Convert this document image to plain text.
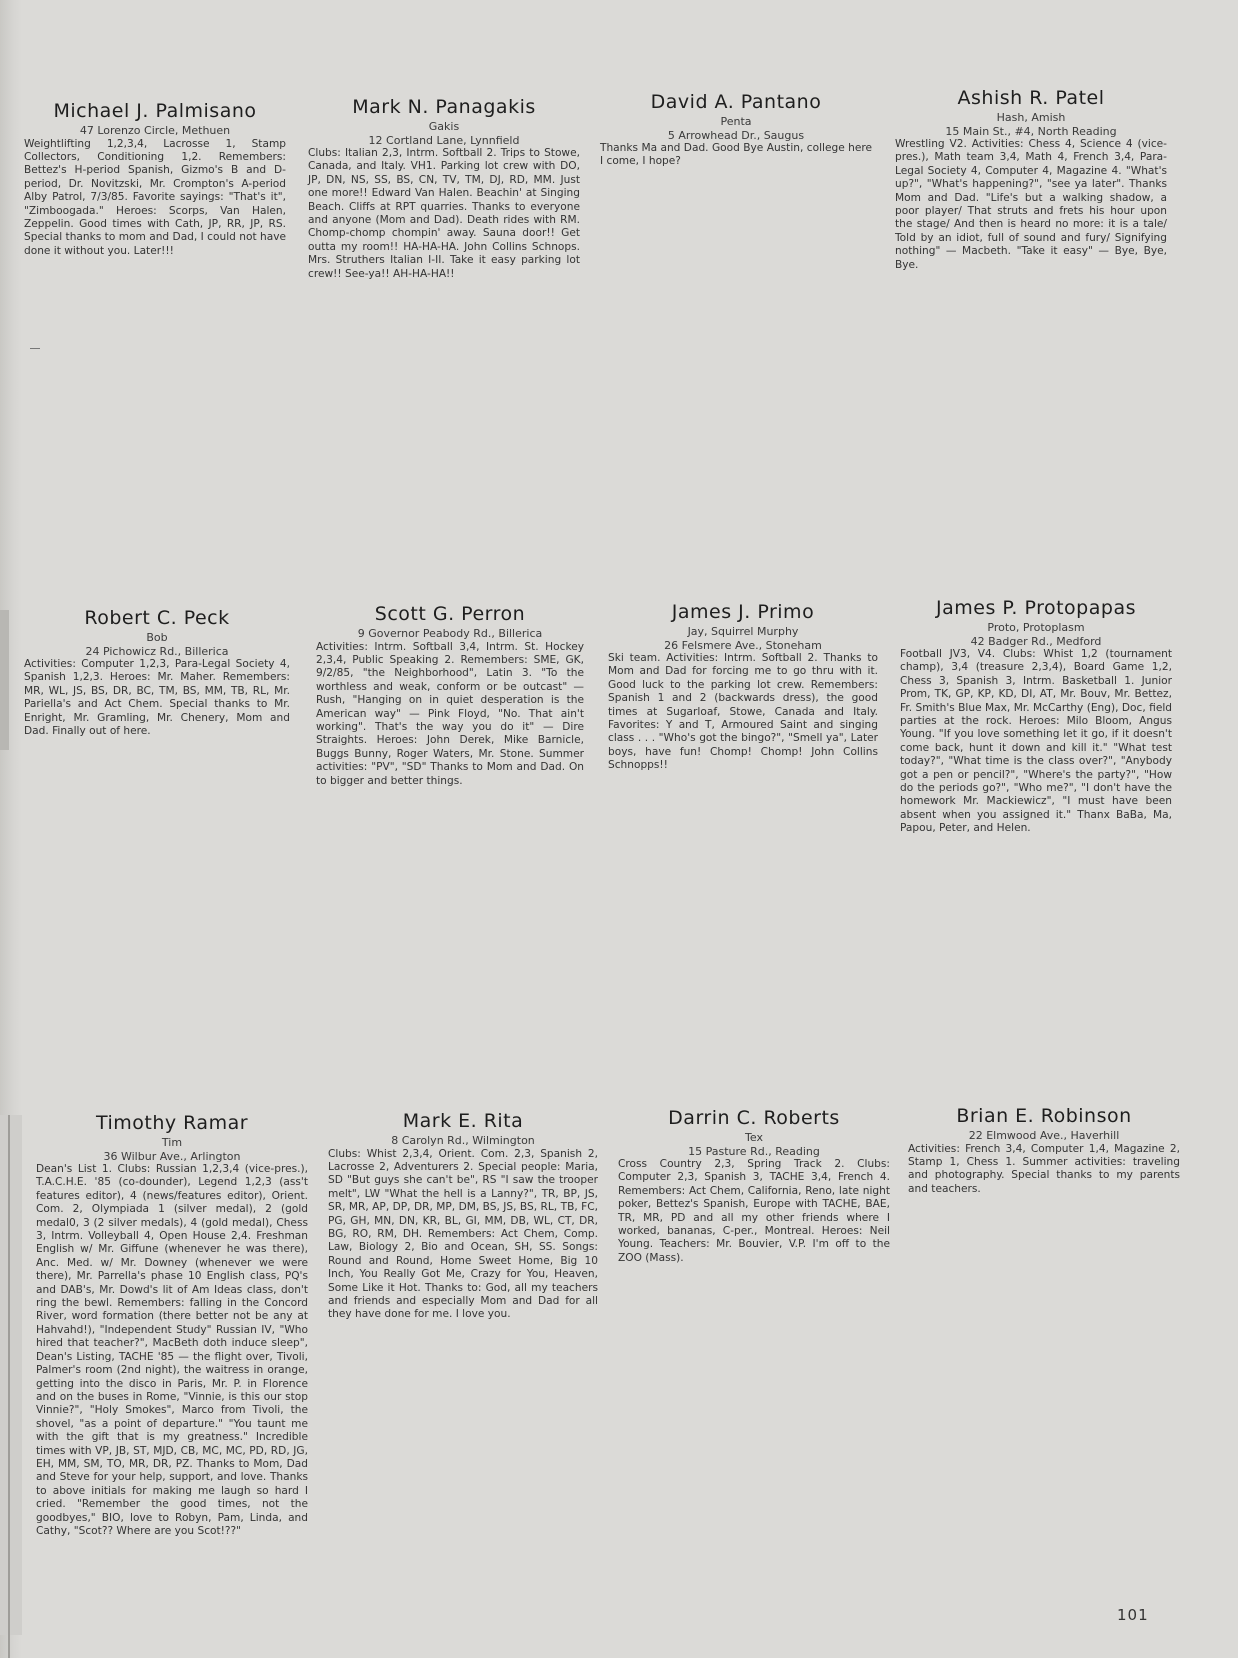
Michael J. Palmisano
47 Lorenzo Circle, Methuen
Weightlifting 1,2,3,4, Lacrosse 1, Stamp Collectors, Conditioning 1,2. Remembers: Bettez's H-period Spanish, Gizmo's B and D-period, Dr. Novitzski, Mr. Crompton's A-period Alby Patrol, 7/3/85. Favorite sayings: "That's it", "Zimboogada." Heroes: Scorps, Van Halen, Zeppelin. Good times with Cath, JP, RR, JP, RS. Special thanks to mom and Dad, I could not have done it without you. Later!!!
Mark N. Panagakis
Gakis
12 Cortland Lane, Lynnfield
Clubs: Italian 2,3, Intrm. Softball 2. Trips to Stowe, Canada, and Italy. VH1. Parking lot crew with DO, JP, DN, NS, SS, BS, CN, TV, TM, DJ, RD, MM. Just one more!! Edward Van Halen. Beachin' at Singing Beach. Cliffs at RPT quarries. Thanks to everyone and anyone (Mom and Dad). Death rides with RM. Chomp-chomp chompin' away. Sauna door!! Get outta my room!! HA-HA-HA. John Collins Schnops. Mrs. Struthers Italian I-II. Take it easy parking lot crew!! See-ya!! AH-HA-HA!!
David A. Pantano
Penta
5 Arrowhead Dr., Saugus
Thanks Ma and Dad. Good Bye Austin, college here I come, I hope?
Ashish R. Patel
Hash, Amish
15 Main St., #4, North Reading
Wrestling V2. Activities: Chess 4, Science 4 (vice-pres.), Math team 3,4, Math 4, French 3,4, Para-Legal Society 4, Computer 4, Magazine 4. "What's up?", "What's happening?", "see ya later". Thanks Mom and Dad. "Life's but a walking shadow, a poor player/ That struts and frets his hour upon the stage/ And then is heard no more: it is a tale/ Told by an idiot, full of sound and fury/ Signifying nothing" — Macbeth. "Take it easy" — Bye, Bye, Bye.
Robert C. Peck
Bob
24 Pichowicz Rd., Billerica
Activities: Computer 1,2,3, Para-Legal Society 4, Spanish 1,2,3. Heroes: Mr. Maher. Remembers: MR, WL, JS, BS, DR, BC, TM, BS, MM, TB, RL, Mr. Pariella's and Act Chem. Special thanks to Mr. Enright, Mr. Gramling, Mr. Chenery, Mom and Dad. Finally out of here.
Scott G. Perron
9 Governor Peabody Rd., Billerica
Activities: Intrm. Softball 3,4, Intrm. St. Hockey 2,3,4, Public Speaking 2. Remembers: SME, GK, 9/2/85, "the Neighborhood", Latin 3. "To the worthless and weak, conform or be outcast" — Rush, "Hanging on in quiet desperation is the American way" — Pink Floyd, "No. That ain't working". That's the way you do it" — Dire Straights. Heroes: John Derek, Mike Barnicle, Buggs Bunny, Roger Waters, Mr. Stone. Summer activities: "PV", "SD" Thanks to Mom and Dad. On to bigger and better things.
James J. Primo
Jay, Squirrel Murphy
26 Felsmere Ave., Stoneham
Ski team. Activities: Intrm. Softball 2. Thanks to Mom and Dad for forcing me to go thru with it. Good luck to the parking lot crew. Remembers: Spanish 1 and 2 (backwards dress), the good times at Sugarloaf, Stowe, Canada and Italy. Favorites: Y and T, Armoured Saint and singing class . . . "Who's got the bingo?", "Smell ya", Later boys, have fun! Chomp! Chomp! John Collins Schnopps!!
James P. Protopapas
Proto, Protoplasm
42 Badger Rd., Medford
Football JV3, V4. Clubs: Whist 1,2 (tournament champ), 3,4 (treasure 2,3,4), Board Game 1,2, Chess 3, Spanish 3, Intrm. Basketball 1. Junior Prom, TK, GP, KP, KD, DI, AT, Mr. Bouv, Mr. Bettez, Fr. Smith's Blue Max, Mr. McCarthy (Eng), Doc, field parties at the rock. Heroes: Milo Bloom, Angus Young. "If you love something let it go, if it doesn't come back, hunt it down and kill it." "What test today?", "What time is the class over?", "Anybody got a pen or pencil?", "Where's the party?", "How do the periods go?", "Who me?", "I don't have the homework Mr. Mackiewicz", "I must have been absent when you assigned it." Thanx BaBa, Ma, Papou, Peter, and Helen.
Timothy Ramar
Tim
36 Wilbur Ave., Arlington
Dean's List 1. Clubs: Russian 1,2,3,4 (vice-pres.), T.A.C.H.E. '85 (co-dounder), Legend 1,2,3 (ass't features editor), 4 (news/features editor), Orient. Com. 2, Olympiada 1 (silver medal), 2 (gold medal0, 3 (2 silver medals), 4 (gold medal), Chess 3, Intrm. Volleyball 4, Open House 2,4. Freshman English w/ Mr. Giffune (whenever he was there), Anc. Med. w/ Mr. Downey (whenever we were there), Mr. Parrella's phase 10 English class, PQ's and DAB's, Mr. Dowd's lit of Am Ideas class, don't ring the bewl. Remembers: falling in the Concord River, word formation (there better not be any at Hahvahd!), "Independent Study" Russian IV, "Who hired that teacher?", MacBeth doth induce sleep", Dean's Listing, TACHE '85 — the flight over, Tivoli, Palmer's room (2nd night), the waitress in orange, getting into the disco in Paris, Mr. P. in Florence and on the buses in Rome, "Vinnie, is this our stop Vinnie?", "Holy Smokes", Marco from Tivoli, the shovel, "as a point of departure." "You taunt me with the gift that is my greatness." Incredible times with VP, JB, ST, MJD, CB, MC, MC, PD, RD, JG, EH, MM, SM, TO, MR, DR, PZ. Thanks to Mom, Dad and Steve for your help, support, and love. Thanks to above initials for making me laugh so hard I cried. "Remember the good times, not the goodbyes," BIO, love to Robyn, Pam, Linda, and Cathy, "Scot?? Where are you Scot!??"
Mark E. Rita
8 Carolyn Rd., Wilmington
Clubs: Whist 2,3,4, Orient. Com. 2,3, Spanish 2, Lacrosse 2, Adventurers 2. Special people: Maria, SD "But guys she can't be", RS "I saw the trooper melt", LW "What the hell is a Lanny?", TR, BP, JS, SR, MR, AP, DP, DR, MP, DM, BS, JS, BS, RL, TB, FC, PG, GH, MN, DN, KR, BL, GI, MM, DB, WL, CT, DR, BG, RO, RM, DH. Remembers: Act Chem, Comp. Law, Biology 2, Bio and Ocean, SH, SS. Songs: Round and Round, Home Sweet Home, Big 10 Inch, You Really Got Me, Crazy for You, Heaven, Some Like it Hot. Thanks to: God, all my teachers and friends and especially Mom and Dad for all they have done for me. I love you.
Darrin C. Roberts
Tex
15 Pasture Rd., Reading
Cross Country 2,3, Spring Track 2. Clubs: Computer 2,3, Spanish 3, TACHE 3,4, French 4. Remembers: Act Chem, California, Reno, late night poker, Bettez's Spanish, Europe with TACHE, BAE, TR, MR, PD and all my other friends where I worked, bananas, C-per., Montreal. Heroes: Neil Young. Teachers: Mr. Bouvier, V.P. I'm off to the ZOO (Mass).
Brian E. Robinson
22 Elmwood Ave., Haverhill
Activities: French 3,4, Computer 1,4, Magazine 2, Stamp 1, Chess 1. Summer activities: traveling and photography. Special thanks to my parents and teachers.
101
